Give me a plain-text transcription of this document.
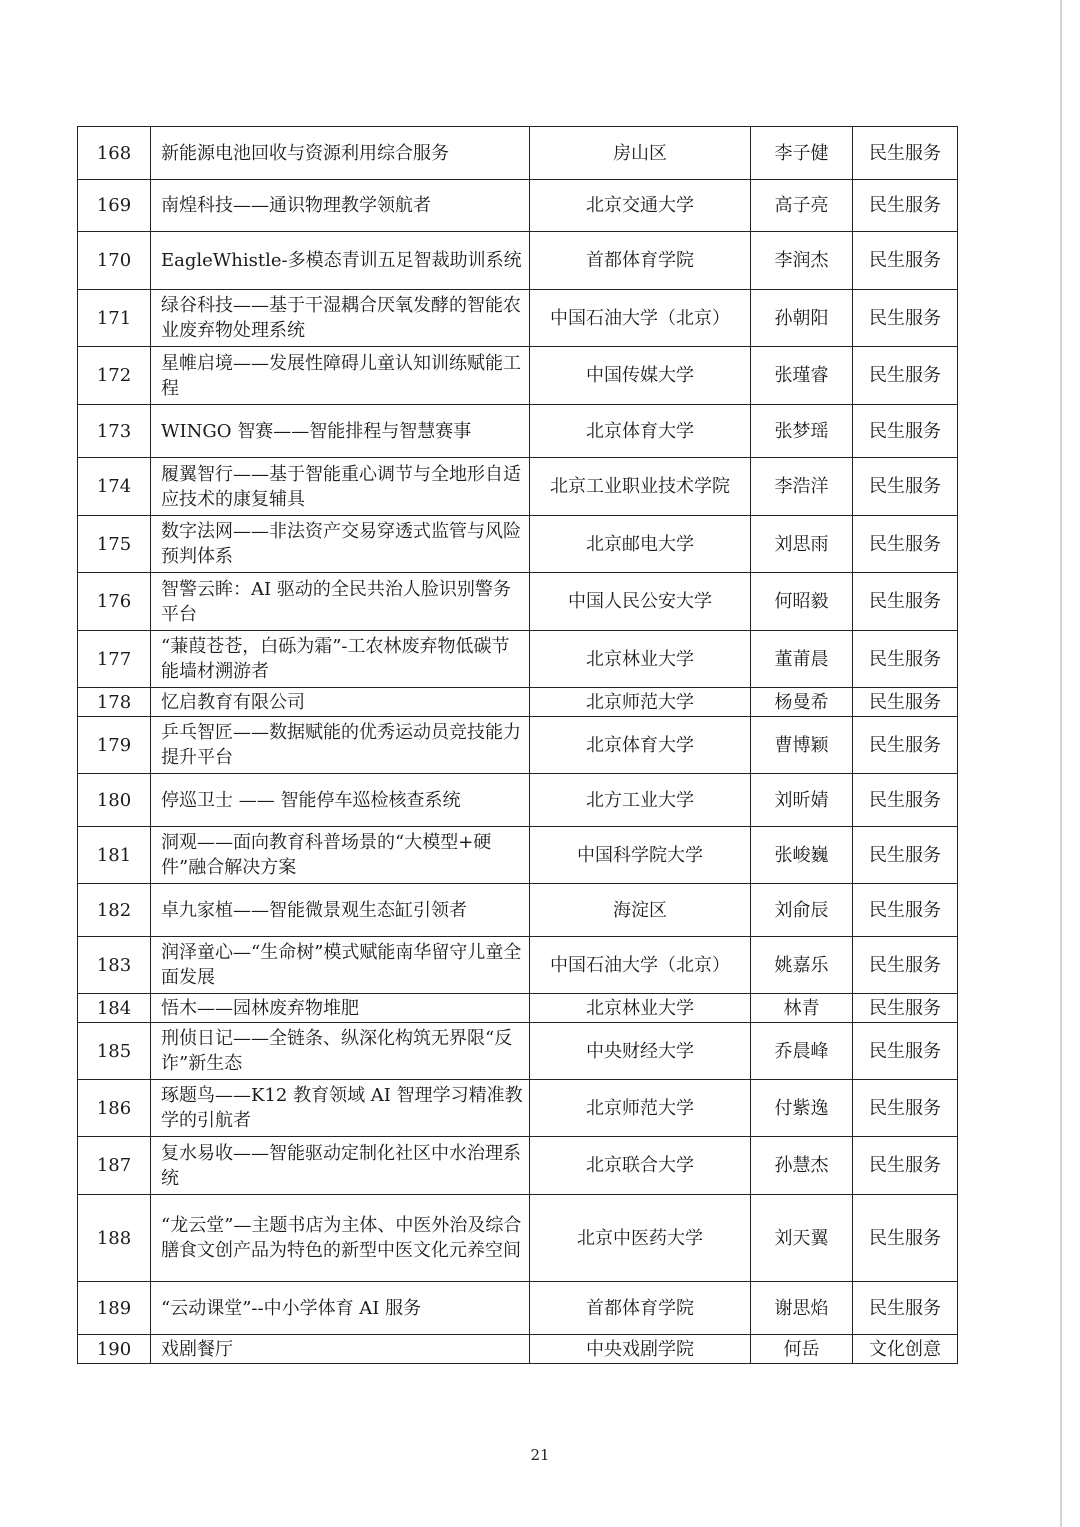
168	新能源电池回收与资源利用综合服务	房山区	李子健	民生服务
169	南煌科技——通识物理教学领航者	北京交通大学	高子亮	民生服务
170	EagleWhistle-多模态青训五足智裁助训系统	首都体育学院	李润杰	民生服务
171	绿谷科技——基于干湿耦合厌氧发酵的智能农业废弃物处理系统	中国石油大学（北京）	孙朝阳	民生服务
172	星帷启境——发展性障碍儿童认知训练赋能工程	中国传媒大学	张瑾睿	民生服务
173	WINGO 智赛——智能排程与智慧赛事	北京体育大学	张梦瑶	民生服务
174	履翼智行——基于智能重心调节与全地形自适应技术的康复辅具	北京工业职业技术学院	李浩洋	民生服务
175	数字法网——非法资产交易穿透式监管与风险预判体系	北京邮电大学	刘思雨	民生服务
176	智警云眸：AI 驱动的全民共治人脸识别警务平台	中国人民公安大学	何昭毅	民生服务
177	“蒹葭苍苍，白砾为霜”-工农林废弃物低碳节能墙材溯游者	北京林业大学	董莆晨	民生服务
178	忆启教育有限公司	北京师范大学	杨曼希	民生服务
179	乒乓智匠——数据赋能的优秀运动员竞技能力提升平台	北京体育大学	曹博颖	民生服务
180	停巡卫士 —— 智能停车巡检核查系统	北方工业大学	刘昕婧	民生服务
181	洞观——面向教育科普场景的“大模型+硬件”融合解决方案	中国科学院大学	张峻巍	民生服务
182	卓九家植——智能微景观生态缸引领者	海淀区	刘俞辰	民生服务
183	润泽童心—“生命树”模式赋能南华留守儿童全面发展	中国石油大学（北京）	姚嘉乐	民生服务
184	悟木——园林废弃物堆肥	北京林业大学	林青	民生服务
185	刑侦日记——全链条、纵深化构筑无界限“反诈”新生态	中央财经大学	乔晨峰	民生服务
186	琢题鸟——K12 教育领域 AI 智理学习精准教学的引航者	北京师范大学	付紫逸	民生服务
187	复水易收——智能驱动定制化社区中水治理系统	北京联合大学	孙慧杰	民生服务
188	“龙云堂”—主题书店为主体、中医外治及综合膳食文创产品为特色的新型中医文化元养空间	北京中医药大学	刘天翼	民生服务
189	“云动课堂”--中小学体育 AI 服务	首都体育学院	谢思焰	民生服务
190	戏剧餐厅	中央戏剧学院	何岳	文化创意
21
